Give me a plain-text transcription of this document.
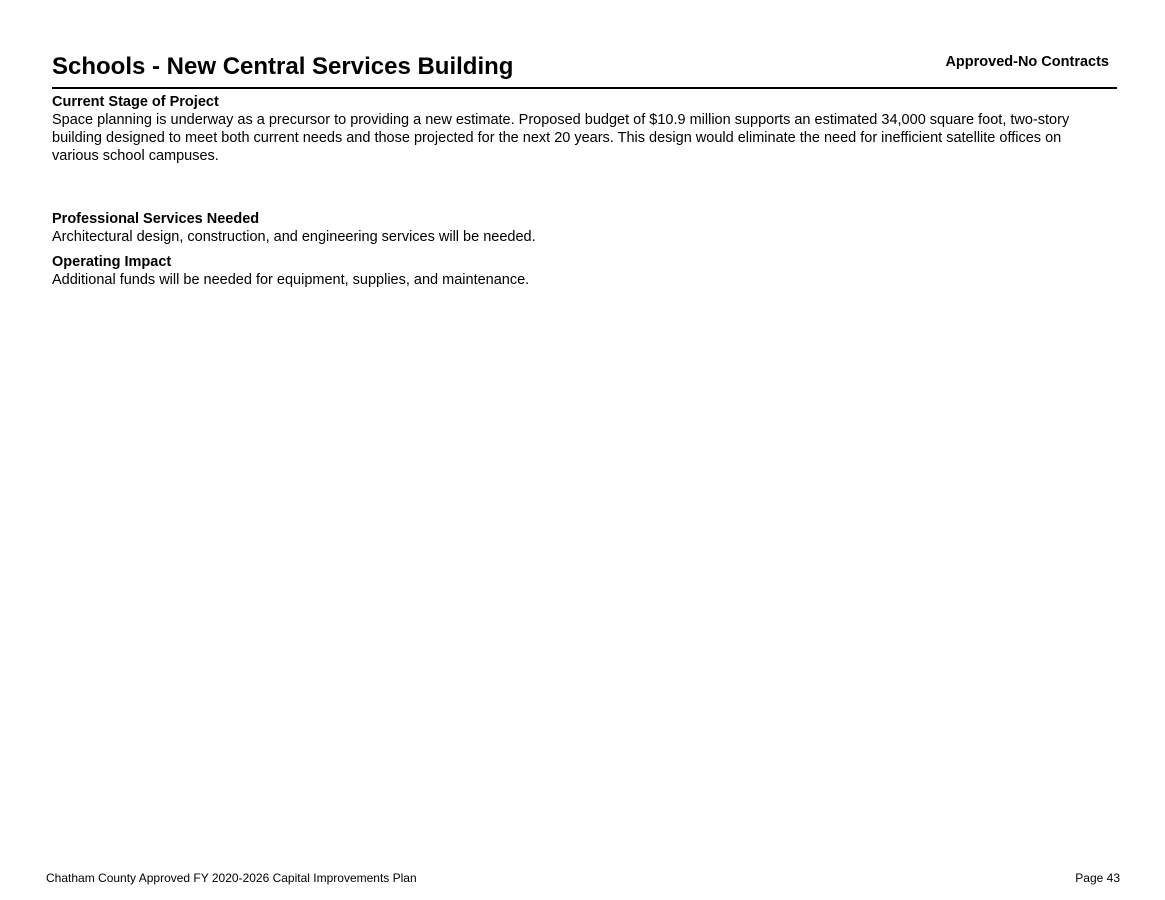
Schools - New Central Services Building	Approved-No Contracts
Current Stage of Project
Space planning is underway as a precursor to providing a new estimate. Proposed budget of $10.9 million supports an estimated 34,000 square foot, two-story building designed to meet both current needs and those projected for the next 20 years. This design would eliminate the need for inefficient satellite offices on various school campuses.
Professional Services Needed
Architectural design, construction, and engineering services will be needed.
Operating Impact
Additional funds will be needed for equipment, supplies, and maintenance.
Chatham County Approved FY 2020-2026 Capital Improvements Plan	Page 43
